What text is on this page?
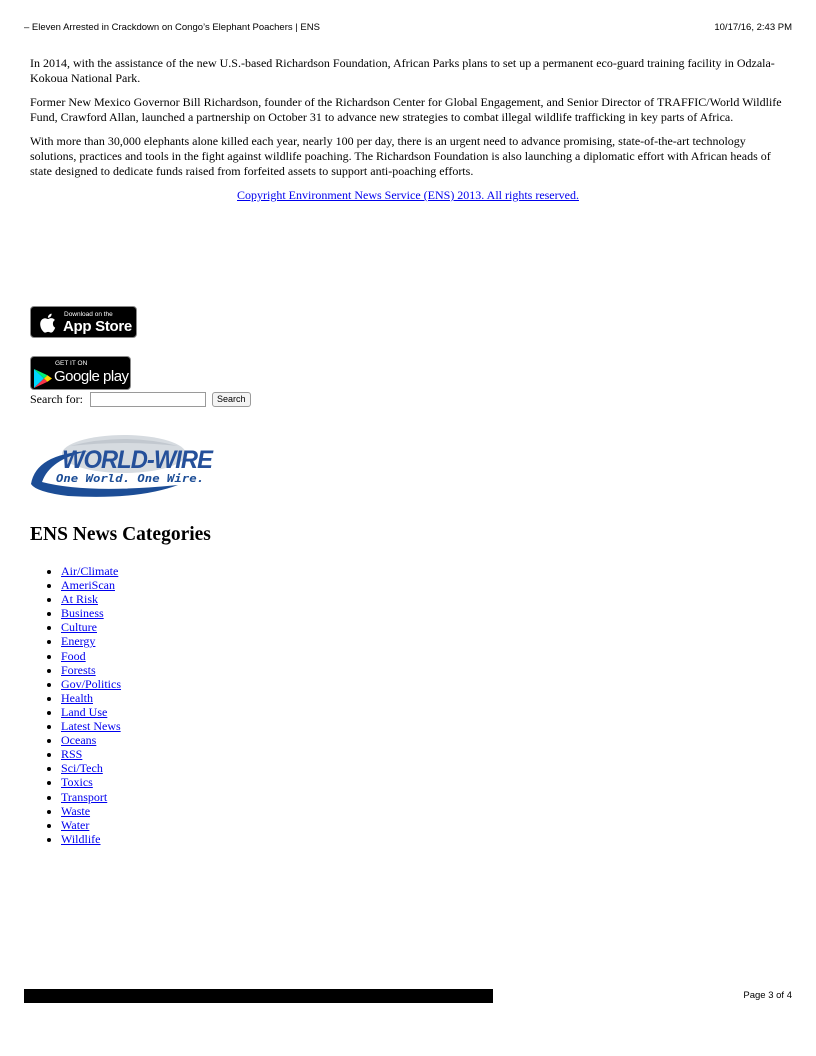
– Eleven Arrested in Crackdown on Congo’s Elephant Poachers | ENS	10/17/16, 2:43 PM

In 2014, with the assistance of the new U.S.-based Richardson Foundation, African Parks plans to set up a permanent eco-guard training facility in Odzala-Kokoua National Park.

Former New Mexico Governor Bill Richardson, founder of the Richardson Center for Global Engagement, and Senior Director of TRAFFIC/World Wildlife Fund, Crawford Allan, launched a partnership on October 31 to advance new strategies to combat illegal wildlife trafficking in key parts of Africa.

With more than 30,000 elephants alone killed each year, nearly 100 per day, there is an urgent need to advance promising, state-of-the-art technology solutions, practices and tools in the fight against wildlife poaching. The Richardson Foundation is also launching a diplomatic effort with African heads of state designed to dedicate funds raised from forfeited assets to support anti-poaching efforts.

Copyright Environment News Service (ENS) 2013. All rights reserved.
Download on the
App Store
GET IT ON
Google play
Search for:	Search
WORLD-WIRE
One World. One Wire.
ENS News Categories
• Air/Climate
• AmeriScan
• At Risk
• Business
• Culture
• Energy
• Food
• Forests
• Gov/Politics
• Health
• Land Use
• Latest News
• Oceans
• RSS
• Sci/Tech
• Toxics
• Transport
• Waste
• Water
• Wildlife
Page 3 of 4
